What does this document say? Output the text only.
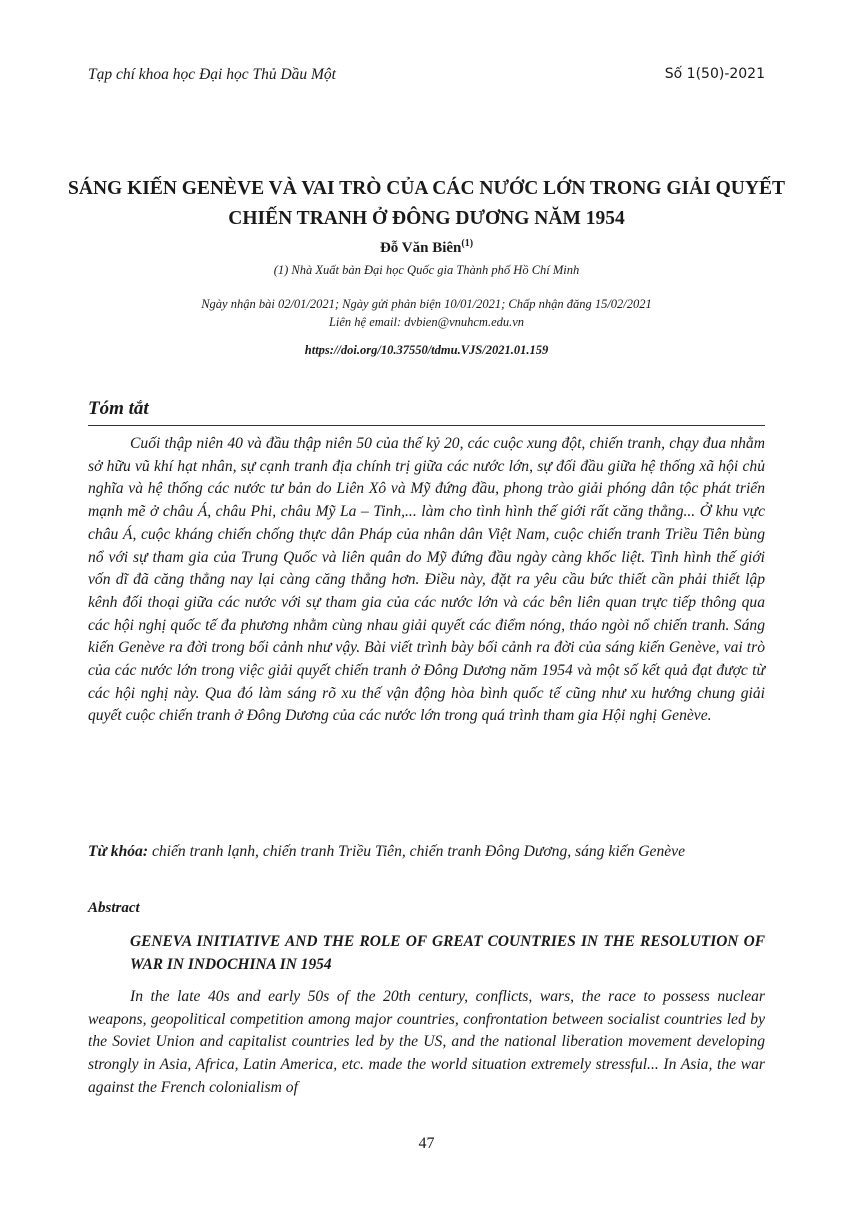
Tạp chí khoa học Đại học Thủ Dầu Một	Số 1(50)-2021
SÁNG KIẾN GENÈVE VÀ VAI TRÒ CỦA CÁC NƯỚC LỚN TRONG GIẢI QUYẾT CHIẾN TRANH Ở ĐÔNG DƯƠNG NĂM 1954
Đỗ Văn Biên$^{(1)}$
(1) Nhà Xuất bản Đại học Quốc gia Thành phố Hồ Chí Minh
Ngày nhận bài 02/01/2021; Ngày gửi phản biện 10/01/2021; Chấp nhận đăng 15/02/2021
Liên hệ email: dvbien@vnuhcm.edu.vn
https://doi.org/10.37550/tdmu.VJS/2021.01.159
Tóm tắt
Cuối thập niên 40 và đầu thập niên 50 của thế kỷ 20, các cuộc xung đột, chiến tranh, chạy đua nhằm sở hữu vũ khí hạt nhân, sự cạnh tranh địa chính trị giữa các nước lớn, sự đối đầu giữa hệ thống xã hội chủ nghĩa và hệ thống các nước tư bản do Liên Xô và Mỹ đứng đầu, phong trào giải phóng dân tộc phát triển mạnh mẽ ở châu Á, châu Phi, châu Mỹ La – Tinh,... làm cho tình hình thế giới rất căng thẳng... Ở khu vực châu Á, cuộc kháng chiến chống thực dân Pháp của nhân dân Việt Nam, cuộc chiến tranh Triều Tiên bùng nổ với sự tham gia của Trung Quốc và liên quân do Mỹ đứng đầu ngày càng khốc liệt. Tình hình thế giới vốn dĩ đã căng thẳng nay lại càng căng thẳng hơn. Điều này, đặt ra yêu cầu bức thiết cần phải thiết lập kênh đối thoại giữa các nước với sự tham gia của các nước lớn và các bên liên quan trực tiếp thông qua các hội nghị quốc tế đa phương nhằm cùng nhau giải quyết các điểm nóng, tháo ngòi nổ chiến tranh. Sáng kiến Genève ra đời trong bối cảnh như vậy. Bài viết trình bày bối cảnh ra đời của sáng kiến Genève, vai trò của các nước lớn trong việc giải quyết chiến tranh ở Đông Dương năm 1954 và một số kết quả đạt được từ các hội nghị này. Qua đó làm sáng rõ xu thế vận động hòa bình quốc tế cũng như xu hướng chung giải quyết cuộc chiến tranh ở Đông Dương của các nước lớn trong quá trình tham gia Hội nghị Genève.
Từ khóa: chiến tranh lạnh, chiến tranh Triều Tiên, chiến tranh Đông Dương, sáng kiến Genève
Abstract
GENEVA INITIATIVE AND THE ROLE OF GREAT COUNTRIES IN THE RESOLUTION OF WAR IN INDOCHINA IN 1954
In the late 40s and early 50s of the 20th century, conflicts, wars, the race to possess nuclear weapons, geopolitical competition among major countries, confrontation between socialist countries led by the Soviet Union and capitalist countries led by the US, and the national liberation movement developing strongly in Asia, Africa, Latin America, etc. made the world situation extremely stressful... In Asia, the war against the French colonialism of
47
